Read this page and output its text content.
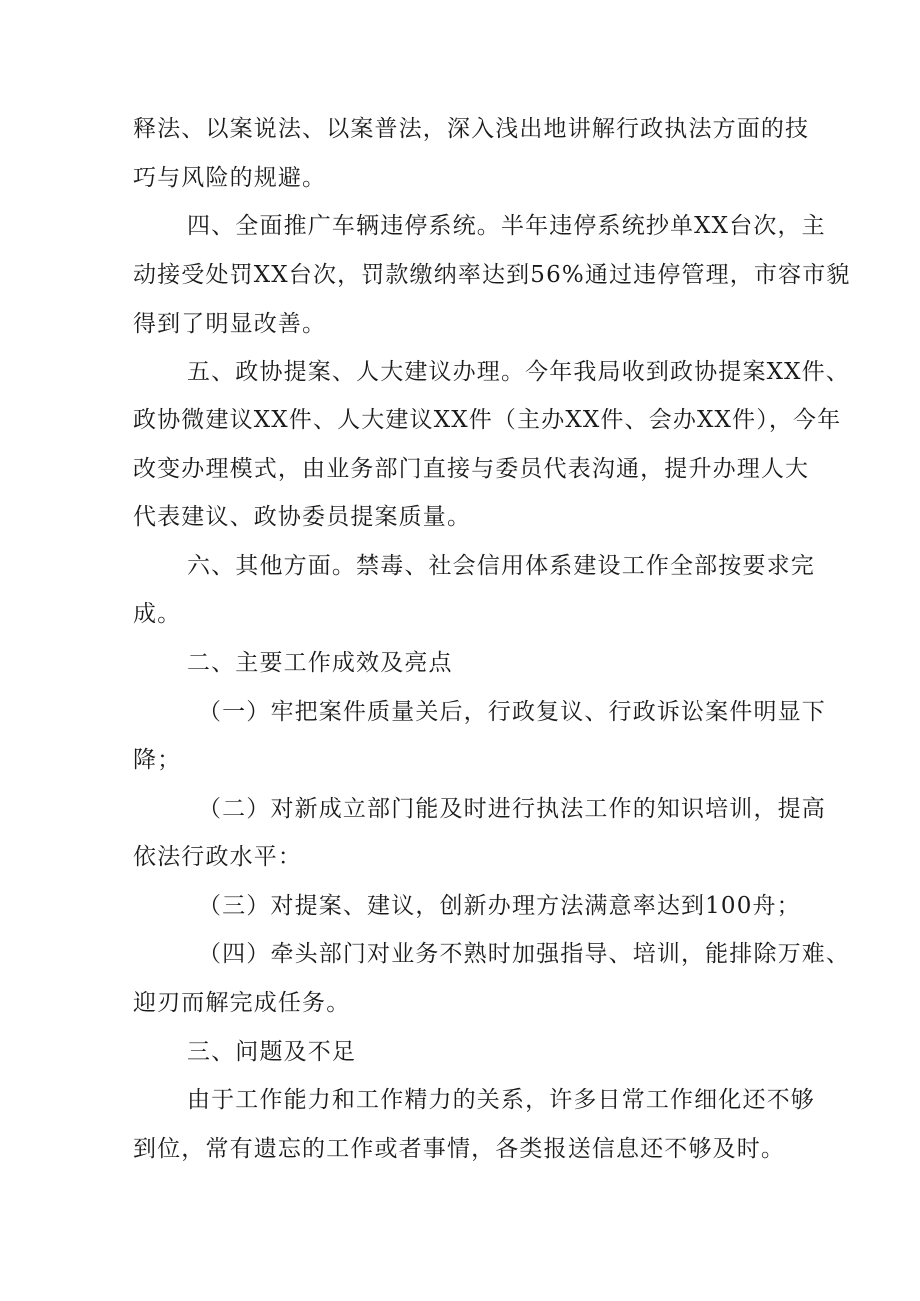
释法、以案说法、以案普法，深入浅出地讲解行政执法方面的技

巧与风险的规避。

四、全面推广车辆违停系统。半年违停系统抄单XX台次，主

动接受处罚XX台次，罚款缴纳率达到56%通过违停管理，市容市貌

得到了明显改善。

五、政协提案、人大建议办理。今年我局收到政协提案XX件、

政协微建议XX件、人大建议XX件（主办XX件、会办XX件），今年

改变办理模式，由业务部门直接与委员代表沟通，提升办理人大

代表建议、政协委员提案质量。

六、其他方面。禁毒、社会信用体系建设工作全部按要求完

成。

二、主要工作成效及亮点

（一）牢把案件质量关后，行政复议、行政诉讼案件明显下

降；

（二）对新成立部门能及时进行执法工作的知识培训，提高

依法行政水平：

（三）对提案、建议，创新办理方法满意率达到100舟；

（四）牵头部门对业务不熟时加强指导、培训，能排除万难、

迎刃而解完成任务。

三、问题及不足

由于工作能力和工作精力的关系，许多日常工作细化还不够

到位，常有遗忘的工作或者事情，各类报送信息还不够及时。
